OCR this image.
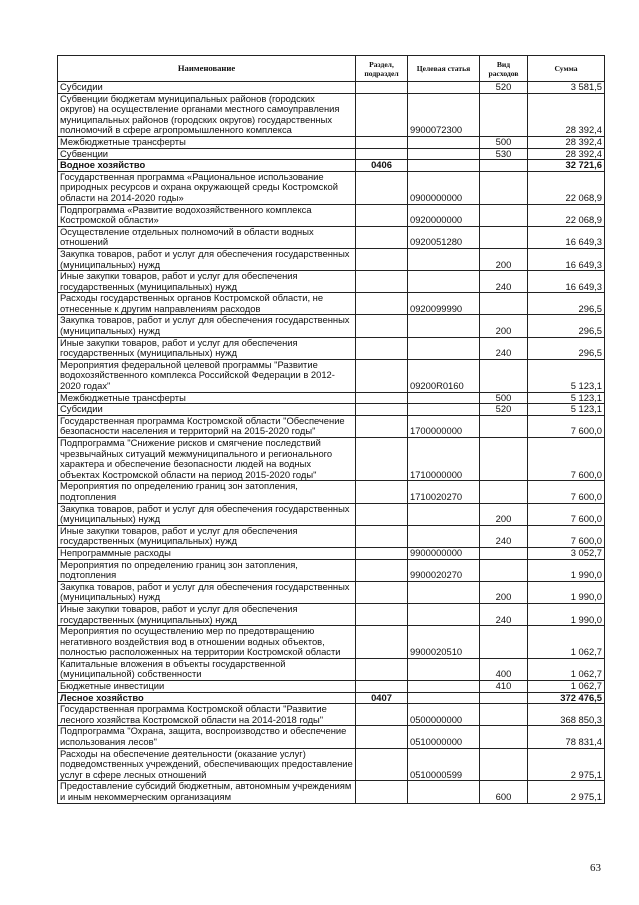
Наименование	Раздел, подраздел	Целевая статья	Вид расходов	Сумма
Субсидии			520	3 581,5
Субвенции бюджетам муниципальных районов (городских округов) на осуществление органами местного самоуправления муниципальных районов (городских округов) государственных полномочий в сфере агропромышленного комплекса		9900072300		28 392,4
Межбюджетные трансферты			500	28 392,4
Субвенции			530	28 392,4
Водное хозяйство	0406			32 721,6
Государственная программа «Рациональное использование природных ресурсов и охрана окружающей среды Костромской области на 2014-2020 годы»		0900000000		22 068,9
Подпрограмма «Развитие водохозяйственного комплекса Костромской области»		0920000000		22 068,9
Осуществление отдельных полномочий в области водных отношений		0920051280		16 649,3
Закупка товаров, работ и услуг для обеспечения государственных (муниципальных) нужд			200	16 649,3
Иные закупки товаров, работ и услуг для обеспечения государственных (муниципальных) нужд			240	16 649,3
Расходы государственных органов Костромской области, не отнесенные к другим направлениям расходов		0920099990		296,5
Закупка товаров, работ и услуг для обеспечения государственных (муниципальных) нужд			200	296,5
Иные закупки товаров, работ и услуг для обеспечения государственных (муниципальных) нужд			240	296,5
Мероприятия федеральной целевой программы "Развитие водохозяйственного комплекса Российской Федерации в 2012-2020 годах"		09200R0160		5 123,1
Межбюджетные трансферты			500	5 123,1
Субсидии			520	5 123,1
Государственная программа Костромской области "Обеспечение безопасности населения и территорий на 2015-2020 годы"		1700000000		7 600,0
Подпрограмма "Снижение рисков и смягчение последствий чрезвычайных ситуаций межмуниципального и регионального характера и обеспечение безопасности людей на водных объектах Костромской области на период 2015-2020 годы"		1710000000		7 600,0
Мероприятия по определению границ зон затопления, подтопления		1710020270		7 600,0
Закупка товаров, работ и услуг для обеспечения государственных (муниципальных) нужд			200	7 600,0
Иные закупки товаров, работ и услуг для обеспечения государственных (муниципальных) нужд			240	7 600,0
Непрограммные расходы		9900000000		3 052,7
Мероприятия по определению границ зон затопления, подтопления		9900020270		1 990,0
Закупка товаров, работ и услуг для обеспечения государственных (муниципальных) нужд			200	1 990,0
Иные закупки товаров, работ и услуг для обеспечения государственных (муниципальных) нужд			240	1 990,0
Мероприятия по осуществлению мер по предотвращению негативного воздействия вод в отношении водных объектов, полностью расположенных на территории Костромской области		9900020510		1 062,7
Капитальные вложения в объекты государственной (муниципальной) собственности			400	1 062,7
Бюджетные инвестиции			410	1 062,7
Лесное хозяйство	0407			372 476,5
Государственная программа Костромской области "Развитие лесного хозяйства Костромской области на 2014-2018 годы"		0500000000		368 850,3
Подпрограмма "Охрана, защита, воспроизводство и обеспечение использования лесов"		0510000000		78 831,4
Расходы на обеспечение деятельности (оказание услуг) подведомственных учреждений, обеспечивающих предоставление услуг в сфере лесных отношений		0510000599		2 975,1
Предоставление субсидий бюджетным, автономным учреждениям и иным некоммерческим организациям			600	2 975,1
63
